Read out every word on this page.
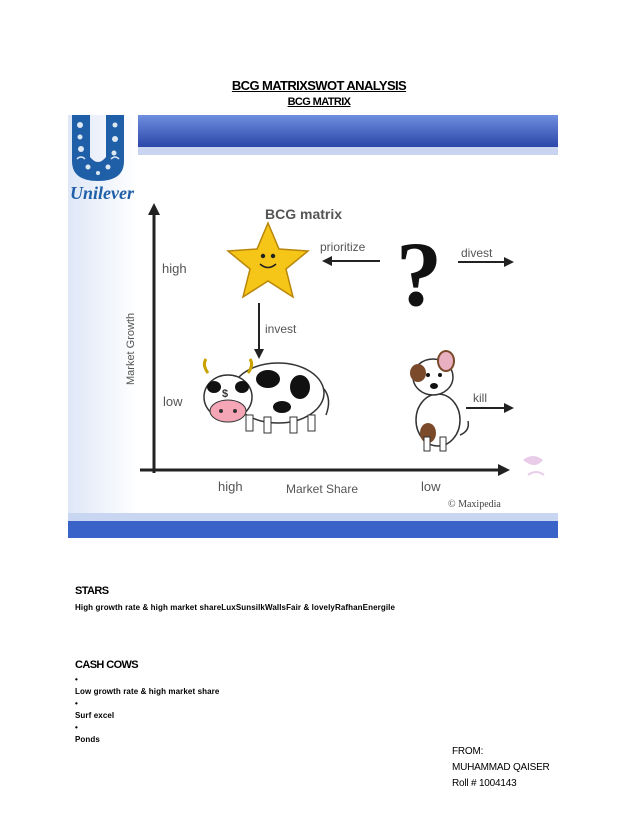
BCG MATRIXSWOT ANALYSIS
BCG MATRIX
Unilever
BCG matrix
Market Growth
Market Share
high
low
high	low
prioritize ? divest
invest
$	kill
© Maxipedia
STARS
High growth rate & high market shareLuxSunsilkWallsFair & lovelyRafhanEnergile
CASH COWS
•
Low growth rate & high market share
•
Surf excel
•
Ponds
FROM:
MUHAMMAD QAISER
Roll # 1004143
